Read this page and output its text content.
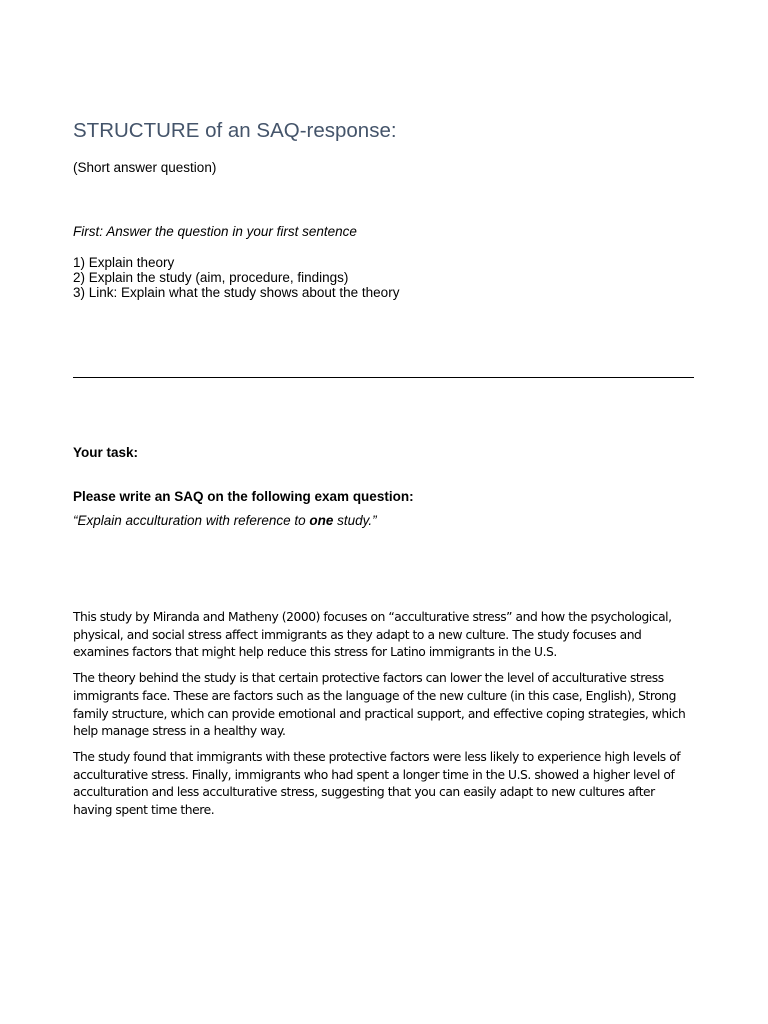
STRUCTURE of an SAQ-response:

(Short answer question)

First: Answer the question in your first sentence

1) Explain theory
2) Explain the study (aim, procedure, findings)
3) Link: Explain what the study shows about the theory

Your task:

Please write an SAQ on the following exam question:

“Explain acculturation with reference to one study.”

This study by Miranda and Matheny (2000) focuses on “acculturative stress” and how the psychological, physical, and social stress affect immigrants as they adapt to a new culture. The study focuses and examines factors that might help reduce this stress for Latino immigrants in the U.S.

The theory behind the study is that certain protective factors can lower the level of acculturative stress immigrants face. These are factors such as the language of the new culture (in this case, English), Strong family structure, which can provide emotional and practical support, and effective coping strategies, which help manage stress in a healthy way.

The study found that immigrants with these protective factors were less likely to experience high levels of acculturative stress. Finally, immigrants who had spent a longer time in the U.S. showed a higher level of acculturation and less acculturative stress, suggesting that you can easily adapt to new cultures after having spent time there.
